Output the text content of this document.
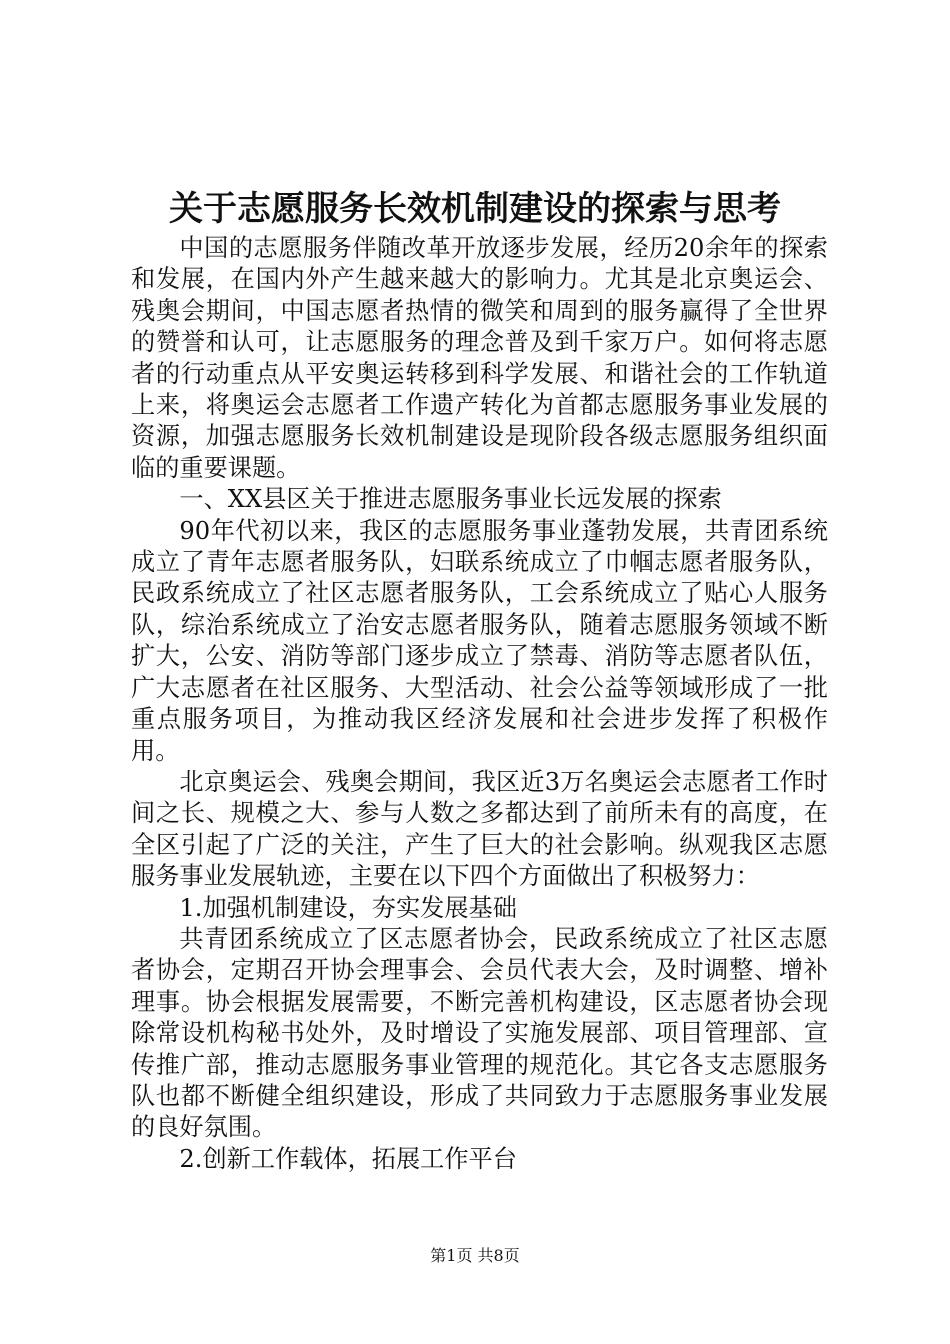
关于志愿服务长效机制建设的探索与思考

中国的志愿服务伴随改革开放逐步发展，经历20余年的探索和发展，在国内外产生越来越大的影响力。尤其是北京奥运会、残奥会期间，中国志愿者热情的微笑和周到的服务赢得了全世界的赞誉和认可，让志愿服务的理念普及到千家万户。如何将志愿者的行动重点从平安奥运转移到科学发展、和谐社会的工作轨道上来，将奥运会志愿者工作遗产转化为首都志愿服务事业发展的资源，加强志愿服务长效机制建设是现阶段各级志愿服务组织面临的重要课题。

一、XX县区关于推进志愿服务事业长远发展的探索

90年代初以来，我区的志愿服务事业蓬勃发展，共青团系统成立了青年志愿者服务队，妇联系统成立了巾帼志愿者服务队，民政系统成立了社区志愿者服务队，工会系统成立了贴心人服务队，综治系统成立了治安志愿者服务队，随着志愿服务领域不断扩大，公安、消防等部门逐步成立了禁毒、消防等志愿者队伍，广大志愿者在社区服务、大型活动、社会公益等领域形成了一批重点服务项目，为推动我区经济发展和社会进步发挥了积极作用。

北京奥运会、残奥会期间，我区近3万名奥运会志愿者工作时间之长、规模之大、参与人数之多都达到了前所未有的高度，在全区引起了广泛的关注，产生了巨大的社会影响。纵观我区志愿服务事业发展轨迹，主要在以下四个方面做出了积极努力：

1.加强机制建设，夯实发展基础

共青团系统成立了区志愿者协会，民政系统成立了社区志愿者协会，定期召开协会理事会、会员代表大会，及时调整、增补理事。协会根据发展需要，不断完善机构建设，区志愿者协会现除常设机构秘书处外，及时增设了实施发展部、项目管理部、宣传推广部，推动志愿服务事业管理的规范化。其它各支志愿服务队也都不断健全组织建设，形成了共同致力于志愿服务事业发展的良好氛围。

2.创新工作载体，拓展工作平台

第1页 共8页
